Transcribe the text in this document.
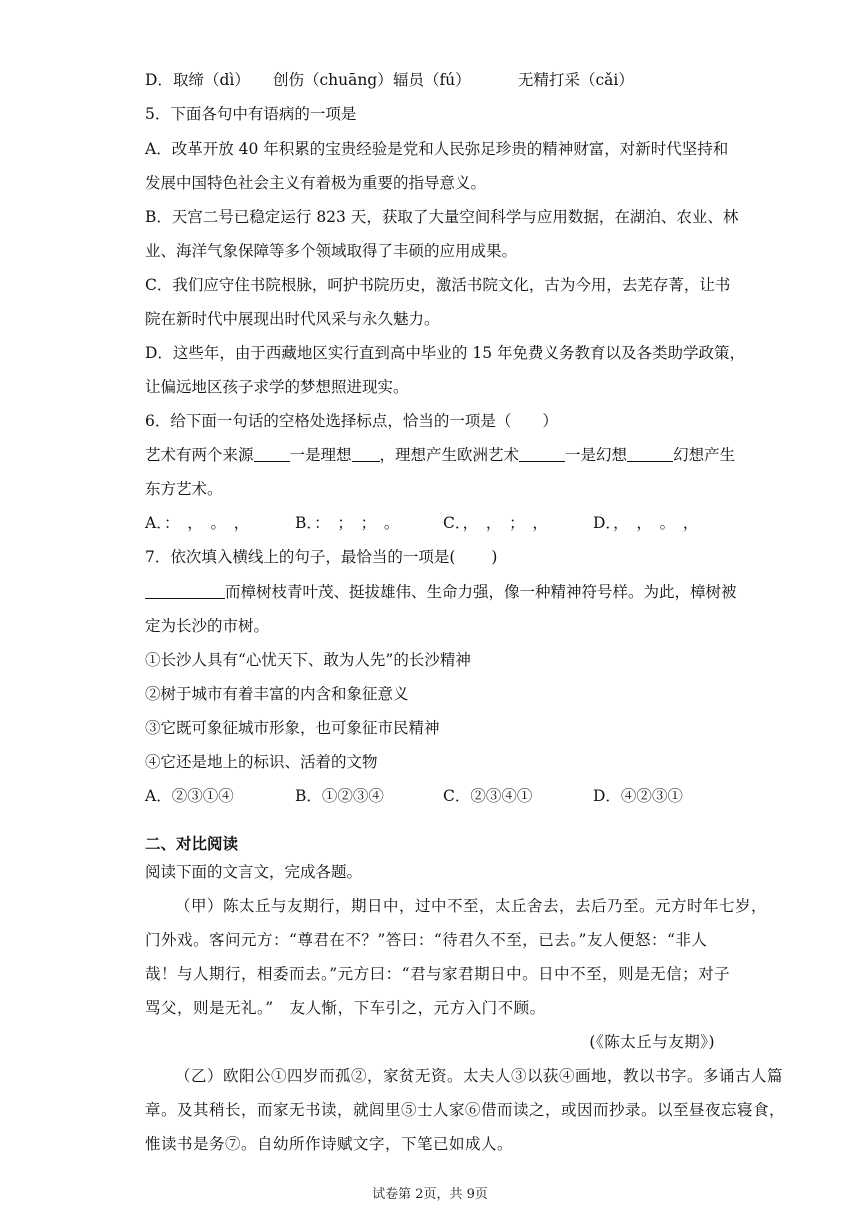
D．取缔（dì） 创伤（chuāng）辐员（fú）	无精打采（cǎi）
5．下面各句中有语病的一项是
A．改革开放 40 年积累的宝贵经验是党和人民弥足珍贵的精神财富，对新时代坚持和
发展中国特色社会主义有着极为重要的指导意义。
B．天宫二号已稳定运行 823 天，获取了大量空间科学与应用数据，在湖泊、农业、林
业、海洋气象保障等多个领域取得了丰硕的应用成果。
C．我们应守住书院根脉，呵护书院历史，激活书院文化，古为今用，去芜存菁，让书
院在新时代中展现出时代风采与永久魅力。
D．这些年，由于西藏地区实行直到高中毕业的 15 年免费义务教育以及各类助学政策，
让偏远地区孩子求学的梦想照进现实。
6．给下面一句话的空格处选择标点，恰当的一项是（　　）
艺术有两个来源 一是理想 ，理想产生欧洲艺术	一是幻想	幻想产生
东方艺术。
A．：　，　。　，	B．：　；　；　。	C．，　，　；　，	D．，　，　。　，
7．依次填入横线上的句子，最恰当的一项是(　　 )
而樟树枝青叶茂、挺拔雄伟、生命力强，像一种精神符号样。为此，樟树被
定为长沙的市树。
①长沙人具有“心忧天下、敢为人先”的长沙精神
②树于城市有着丰富的内含和象征意义
③它既可象征城市形象，也可象征市民精神
④它还是地上的标识、活着的文物
A．②③①④	B．①②③④	C．②③④①	D．④②③①
二、对比阅读
阅读下面的文言文，完成各题。
（甲）陈太丘与友期行，期日中，过中不至，太丘舍去，去后乃至。元方时年七岁，
门外戏。客问元方：“尊君在不？”答曰：“待君久不至，已去。”友人便怒：“非人
哉！与人期行，相委而去。”元方曰：“君与家君期日中。日中不至，则是无信；对子
骂父，则是无礼。”　友人惭，下车引之，元方入门不顾。
(《陈太丘与友期》)
（乙）欧阳公①四岁而孤②，家贫无资。太夫人③以荻④画地，教以书字。多诵古人篇
章。及其稍长，而家无书读，就闾里⑤士人家⑥借而读之，或因而抄录。以至昼夜忘寝食，
惟读书是务⑦。自幼所作诗赋文字，下笔已如成人。
试卷第 2页，共 9页
